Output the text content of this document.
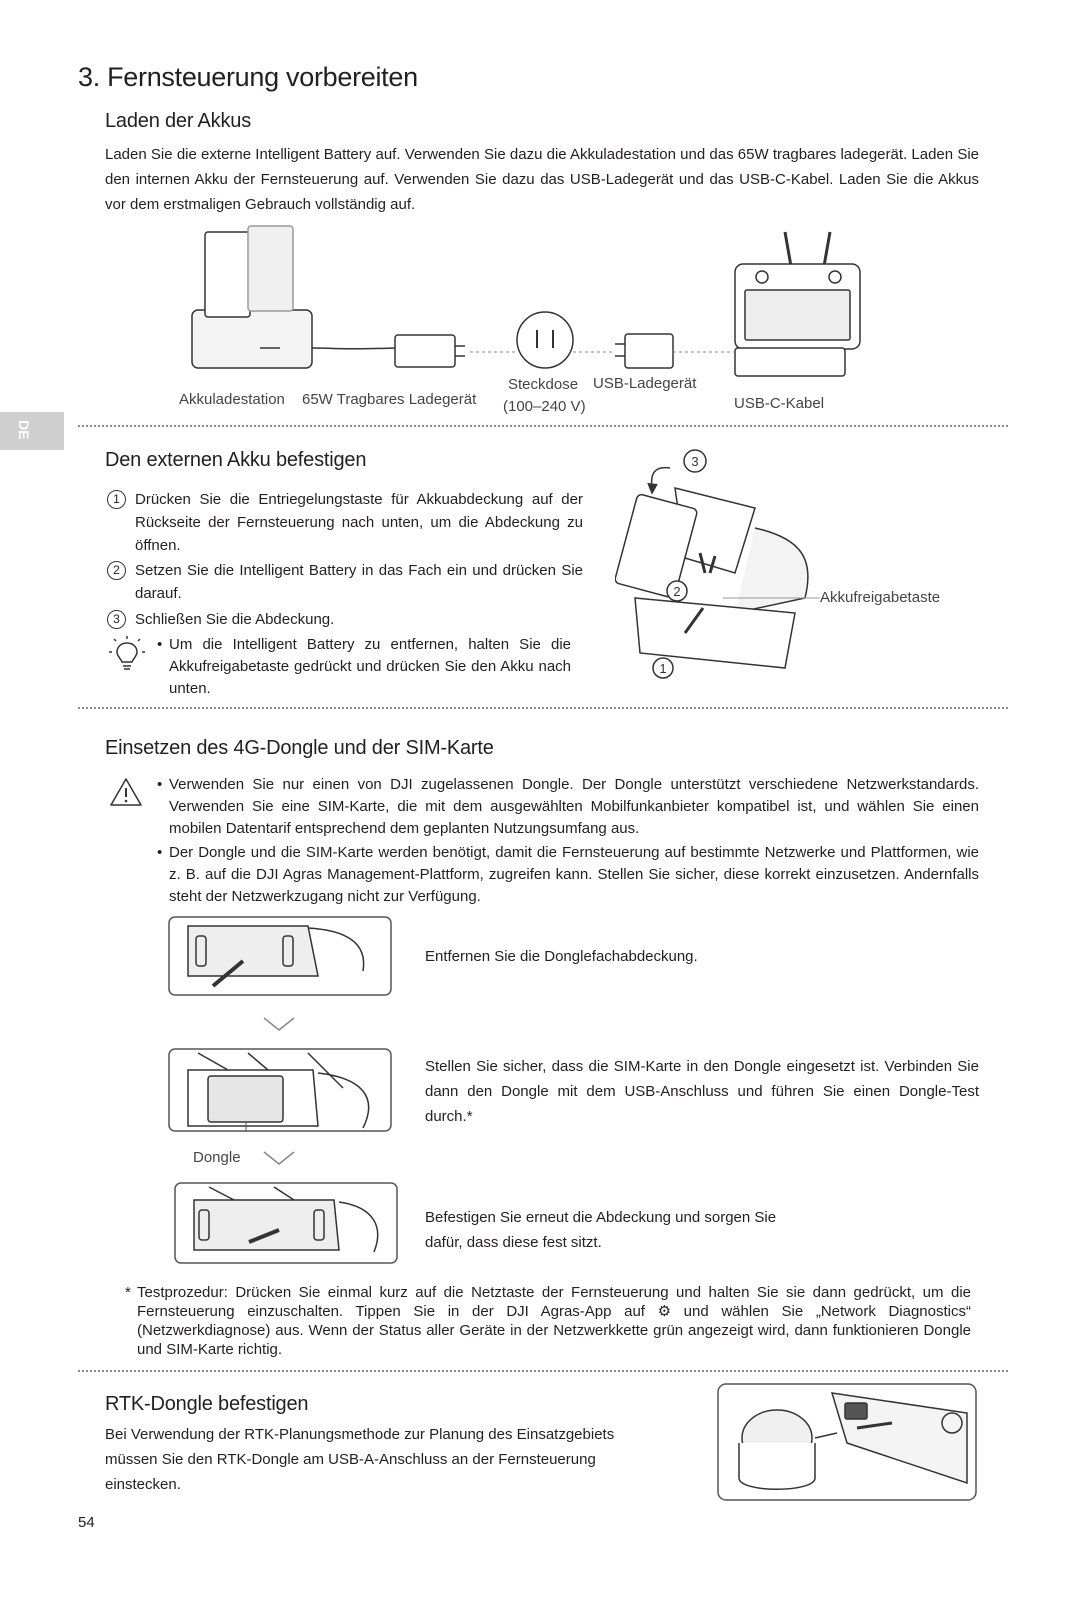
DE
3. Fernsteuerung vorbereiten
Laden der Akkus
Laden Sie die externe Intelligent Battery auf. Verwenden Sie dazu die Akkuladestation und das 65W tragbares ladegerät. Laden Sie den internen Akku der Fernsteuerung auf. Verwenden Sie dazu das USB-Ladegerät und das USB-C-Kabel. Laden Sie die Akkus vor dem erstmaligen Gebrauch vollständig auf.
Akkuladestation 65W Tragbares Ladegerät
Steckdose
(100–240 V)
USB-Ladegerät
USB-C-Kabel
Den externen Akku befestigen
1	Drücken Sie die Entriegelungstaste für Akkuabdeckung auf der Rückseite der Fernsteuerung nach unten, um die Abdeckung zu öffnen.
2	Setzen Sie die Intelligent Battery in das Fach ein und drücken Sie darauf.
3	Schließen Sie die Abdeckung.
• Um die Intelligent Battery zu entfernen, halten Sie die Akkufreigabetaste gedrückt und drücken Sie den Akku nach unten.
3
2
1
Akkufreigabetaste
Einsetzen des 4G-Dongle und der SIM-Karte
• Verwenden Sie nur einen von DJI zugelassenen Dongle. Der Dongle unterstützt verschiedene Netzwerkstandards. Verwenden Sie eine SIM-Karte, die mit dem ausgewählten Mobilfunkanbieter kompatibel ist, und wählen Sie einen mobilen Datentarif entsprechend dem geplanten Nutzungsumfang aus.
• Der Dongle und die SIM-Karte werden benötigt, damit die Fernsteuerung auf bestimmte Netzwerke und Plattformen, wie z. B. auf die DJI Agras Management-Plattform, zugreifen kann. Stellen Sie sicher, diese korrekt einzusetzen. Andernfalls steht der Netzwerkzugang nicht zur Verfügung.
Entfernen Sie die Donglefachabdeckung.
Stellen Sie sicher, dass die SIM-Karte in den Dongle eingesetzt ist. Verbinden Sie dann den Dongle mit dem USB-Anschluss und führen Sie einen Dongle-Test durch.*
Dongle
Befestigen Sie erneut die Abdeckung und sorgen Sie dafür, dass diese fest sitzt.
* Testprozedur: Drücken Sie einmal kurz auf die Netztaste der Fernsteuerung und halten Sie sie dann gedrückt, um die Fernsteuerung einzuschalten. Tippen Sie in der DJI Agras-App auf ⚙ und wählen Sie „Network Diagnostics“ (Netzwerkdiagnose) aus. Wenn der Status aller Geräte in der Netzwerkkette grün angezeigt wird, dann funktionieren Dongle und SIM-Karte richtig.
RTK-Dongle befestigen
Bei Verwendung der RTK-Planungsmethode zur Planung des Einsatzgebiets müssen Sie den RTK-Dongle am USB-A-Anschluss an der Fernsteuerung einstecken.
54
